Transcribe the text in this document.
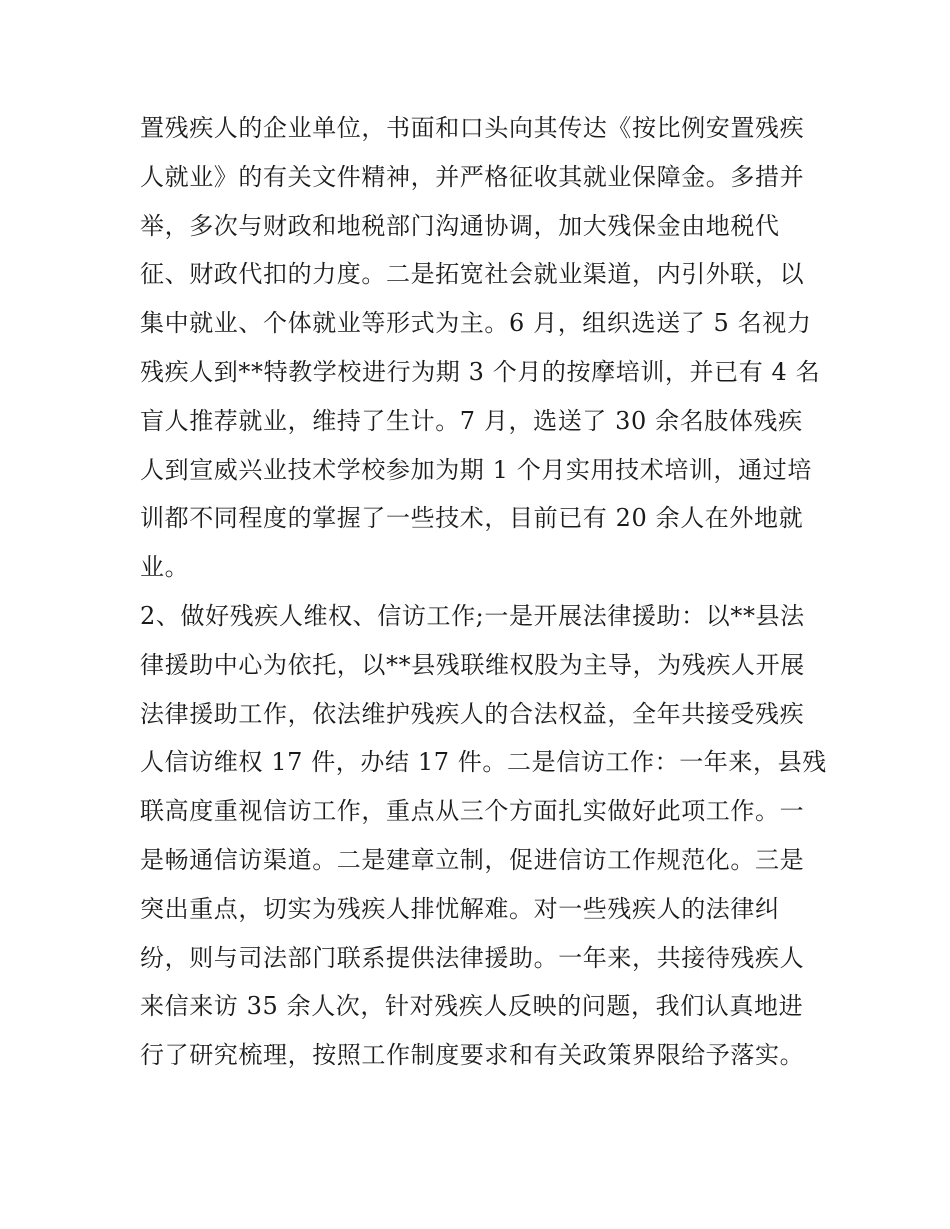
置残疾人的企业单位，书面和口头向其传达《按比例安置残疾
人就业》的有关文件精神，并严格征收其就业保障金。多措并
举，多次与财政和地税部门沟通协调，加大残保金由地税代
征、财政代扣的力度。二是拓宽社会就业渠道，内引外联，以
集中就业、个体就业等形式为主。6 月，组织选送了 5 名视力
残疾人到**特教学校进行为期 3 个月的按摩培训，并已有 4 名
盲人推荐就业，维持了生计。7 月，选送了 30 余名肢体残疾
人到宣威兴业技术学校参加为期 1 个月实用技术培训，通过培
训都不同程度的掌握了一些技术，目前已有 20 余人在外地就
业。
2、做好残疾人维权、信访工作;一是开展法律援助：以**县法
律援助中心为依托，以**县残联维权股为主导，为残疾人开展
法律援助工作，依法维护残疾人的合法权益，全年共接受残疾
人信访维权 17 件，办结 17 件。二是信访工作：一年来，县残
联高度重视信访工作，重点从三个方面扎实做好此项工作。一
是畅通信访渠道。二是建章立制，促进信访工作规范化。三是
突出重点，切实为残疾人排忧解难。对一些残疾人的法律纠
纷，则与司法部门联系提供法律援助。一年来，共接待残疾人
来信来访 35 余人次，针对残疾人反映的问题，我们认真地进
行了研究梳理，按照工作制度要求和有关政策界限给予落实。
